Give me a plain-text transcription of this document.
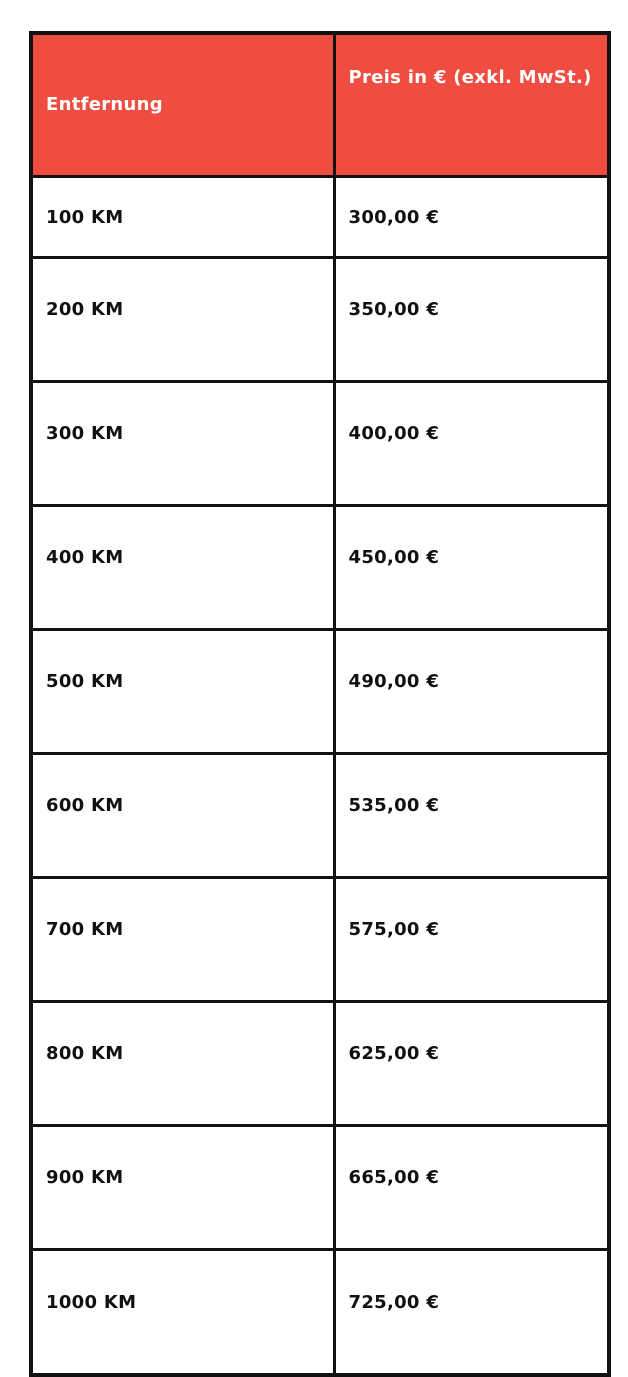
Entfernung	Preis in € (exkl. MwSt.)
100 KM	300,00 €
200 KM	350,00 €
300 KM	400,00 €
400 KM	450,00 €
500 KM	490,00 €
600 KM	535,00 €
700 KM	575,00 €
800 KM	625,00 €
900 KM	665,00 €
1000 KM	725,00 €
